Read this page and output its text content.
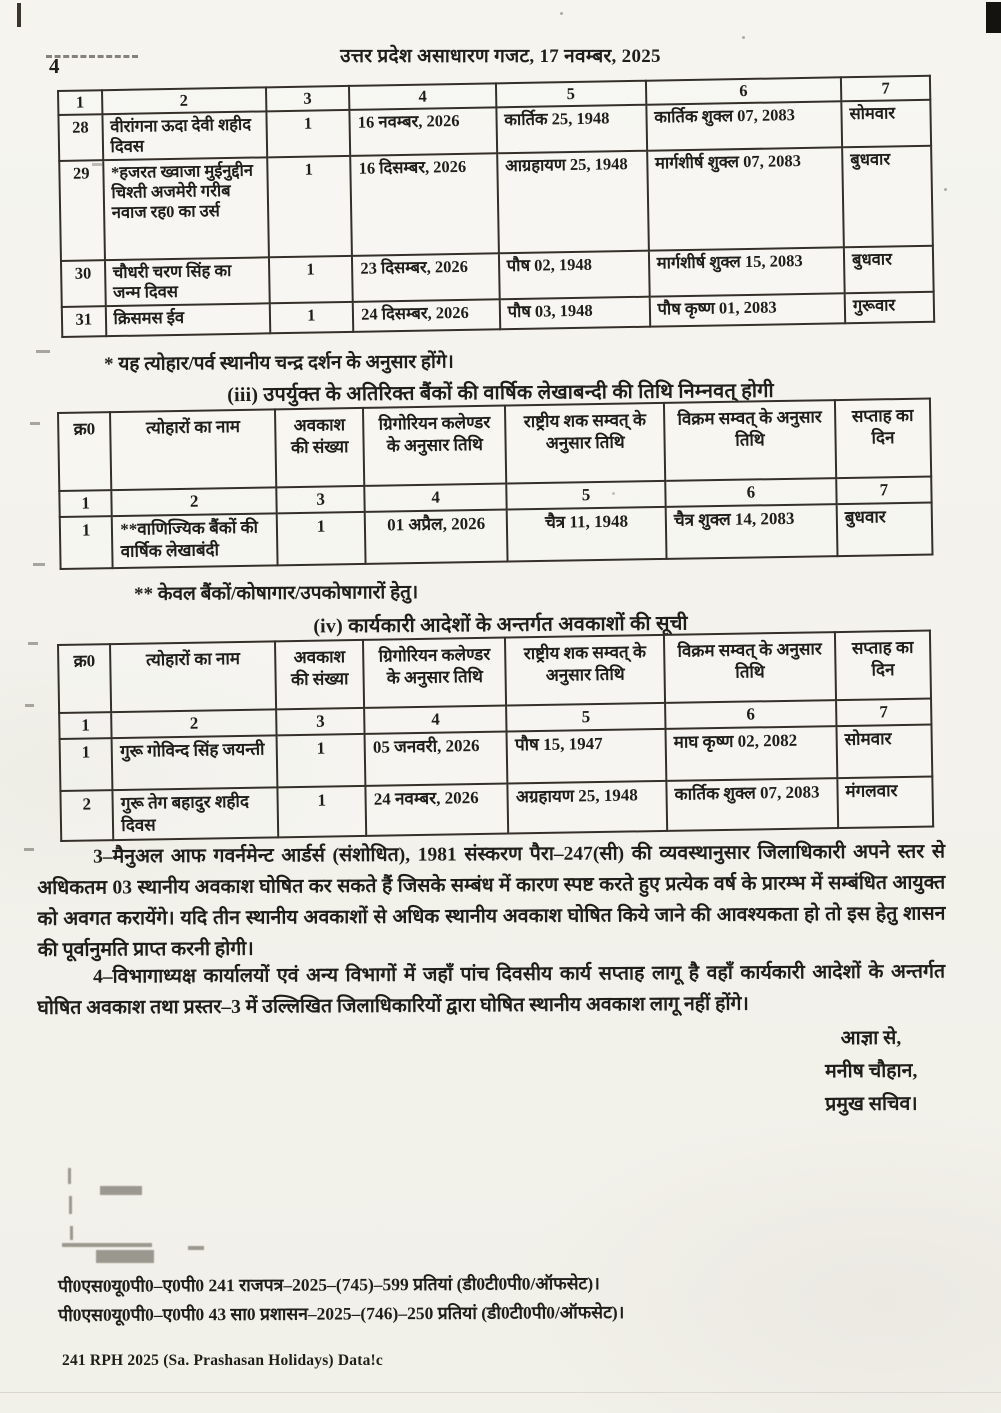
उत्तर प्रदेश असाधारण गजट, 17 नवम्बर, 2025
4
1	2	3	4	5	6	7
28	वीरांगना ऊदा देवी शहीद दिवस	1	16 नवम्बर, 2026	कार्तिक 25, 1948	कार्तिक शुक्ल 07, 2083	सोमवार
29	*हजरत ख्वाजा मुईनुद्दीन चिश्ती अजमेरी गरीब नवाज रह0 का उर्स	1	16 दिसम्बर, 2026	आग्रहायण 25, 1948	मार्गशीर्ष शुक्ल 07, 2083	बुधवार
30	चौधरी चरण सिंह का जन्म दिवस	1	23 दिसम्बर, 2026	पौष 02, 1948	मार्गशीर्ष शुक्ल 15, 2083	बुधवार
31	क्रिसमस ईव	1	24 दिसम्बर, 2026	पौष 03, 1948	पौष कृष्ण 01, 2083	गुरूवार
* यह त्योहार/पर्व स्थानीय चन्द्र दर्शन के अनुसार होंगे।
(iii) उपर्युक्त के अतिरिक्त बैंकों की वार्षिक लेखाबन्दी की तिथि निम्नवत् होगी
क्र0	त्योहारों का नाम	अवकाश की संख्या	ग्रिगोरियन कलेण्डर के अनुसार तिथि	राष्ट्रीय शक सम्वत् के अनुसार तिथि	विक्रम सम्वत् के अनुसार तिथि	सप्ताह का दिन
1	2	3	4	5	6	7
1	**वाणिज्यिक बैंकों की वार्षिक लेखाबंदी	1	01 अप्रैल, 2026	चैत्र 11, 1948	चैत्र शुक्ल 14, 2083	बुधवार
** केवल बैंकों/कोषागार/उपकोषागारों हेतु।
(iv) कार्यकारी आदेशों के अन्तर्गत अवकाशों की सूची
क्र0	त्योहारों का नाम	अवकाश की संख्या	ग्रिगोरियन कलेण्डर के अनुसार तिथि	राष्ट्रीय शक सम्वत् के अनुसार तिथि	विक्रम सम्वत् के अनुसार तिथि	सप्ताह का दिन
1	2	3	4	5	6	7
1	गुरू गोविन्द सिंह जयन्ती	1	05 जनवरी, 2026	पौष 15, 1947	माघ कृष्ण 02, 2082	सोमवार
2	गुरू तेग बहादुर शहीद दिवस	1	24 नवम्बर, 2026	अग्रहायण 25, 1948	कार्तिक शुक्ल 07, 2083	मंगलवार
3–मैनुअल आफ गवर्नमेन्ट आर्डर्स (संशोधित), 1981 संस्करण पैरा–247(सी) की व्यवस्थानुसार जिलाधिकारी अपने स्तर से अधिकतम 03 स्थानीय अवकाश घोषित कर सकते हैं जिसके सम्बंध में कारण स्पष्ट करते हुए प्रत्येक वर्ष के प्रारम्भ में सम्बंधित आयुक्त को अवगत करायेंगे। यदि तीन स्थानीय अवकाशों से अधिक स्थानीय अवकाश घोषित किये जाने की आवश्यकता हो तो इस हेतु शासन की पूर्वानुमति प्राप्त करनी होगी।
4–विभागाध्यक्ष कार्यालयों एवं अन्य विभागों में जहाँ पांच दिवसीय कार्य सप्ताह लागू है वहाँ कार्यकारी आदेशों के अन्तर्गत घोषित अवकाश तथा प्रस्तर–3 में उल्लिखित जिलाधिकारियों द्वारा घोषित स्थानीय अवकाश लागू नहीं होंगे।
आज्ञा से,
मनीष चौहान,
प्रमुख सचिव।
पी0एस0यू0पी0–ए0पी0 241 राजपत्र–2025–(745)–599 प्रतियां (डी0टी0पी0/ऑफसेट)।
पी0एस0यू0पी0–ए0पी0 43 सा0 प्रशासन–2025–(746)–250 प्रतियां (डी0टी0पी0/ऑफसेट)।
241 RPH 2025 (Sa. Prashasan Holidays) Data!c
